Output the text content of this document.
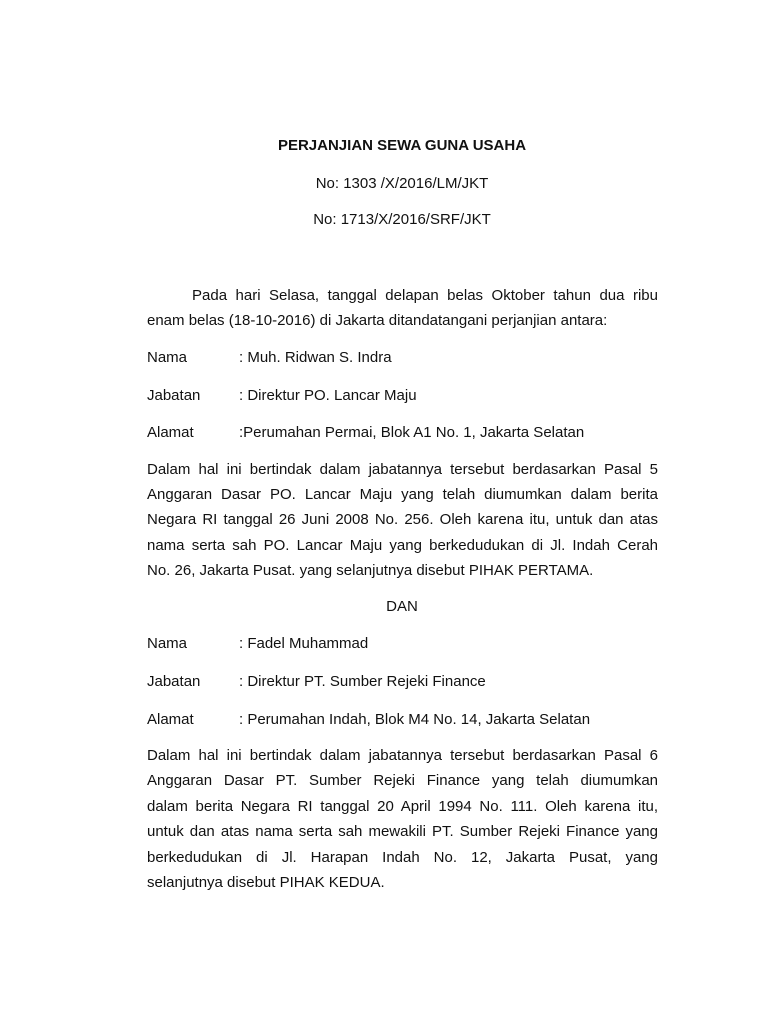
PERJANJIAN SEWA GUNA USAHA
No: 1303 /X/2016/LM/JKT
No: 1713/X/2016/SRF/JKT
Pada hari Selasa, tanggal delapan belas Oktober tahun dua ribu
enam belas (18-10-2016) di Jakarta ditandatangani perjanjian antara:
Nama	: Muh. Ridwan S. Indra
Jabatan	: Direktur PO. Lancar Maju
Alamat	:Perumahan Permai, Blok A1 No. 1, Jakarta Selatan
Dalam hal ini bertindak dalam jabatannya tersebut berdasarkan Pasal 5
Anggaran Dasar PO. Lancar Maju yang telah diumumkan dalam berita
Negara RI tanggal 26 Juni 2008 No. 256. Oleh karena itu, untuk dan atas
nama serta sah PO. Lancar Maju yang berkedudukan di Jl. Indah Cerah
No. 26, Jakarta Pusat. yang selanjutnya disebut PIHAK PERTAMA.
DAN
Nama	: Fadel Muhammad
Jabatan	: Direktur PT. Sumber Rejeki Finance
Alamat	: Perumahan Indah, Blok M4 No. 14, Jakarta Selatan
Dalam hal ini bertindak dalam jabatannya tersebut berdasarkan Pasal 6
Anggaran Dasar PT. Sumber Rejeki Finance yang telah diumumkan
dalam berita Negara RI tanggal 20 April 1994 No. 111. Oleh karena itu,
untuk dan atas nama serta sah mewakili PT. Sumber Rejeki Finance yang
berkedudukan di Jl. Harapan Indah No. 12, Jakarta Pusat, yang
selanjutnya disebut PIHAK KEDUA.
